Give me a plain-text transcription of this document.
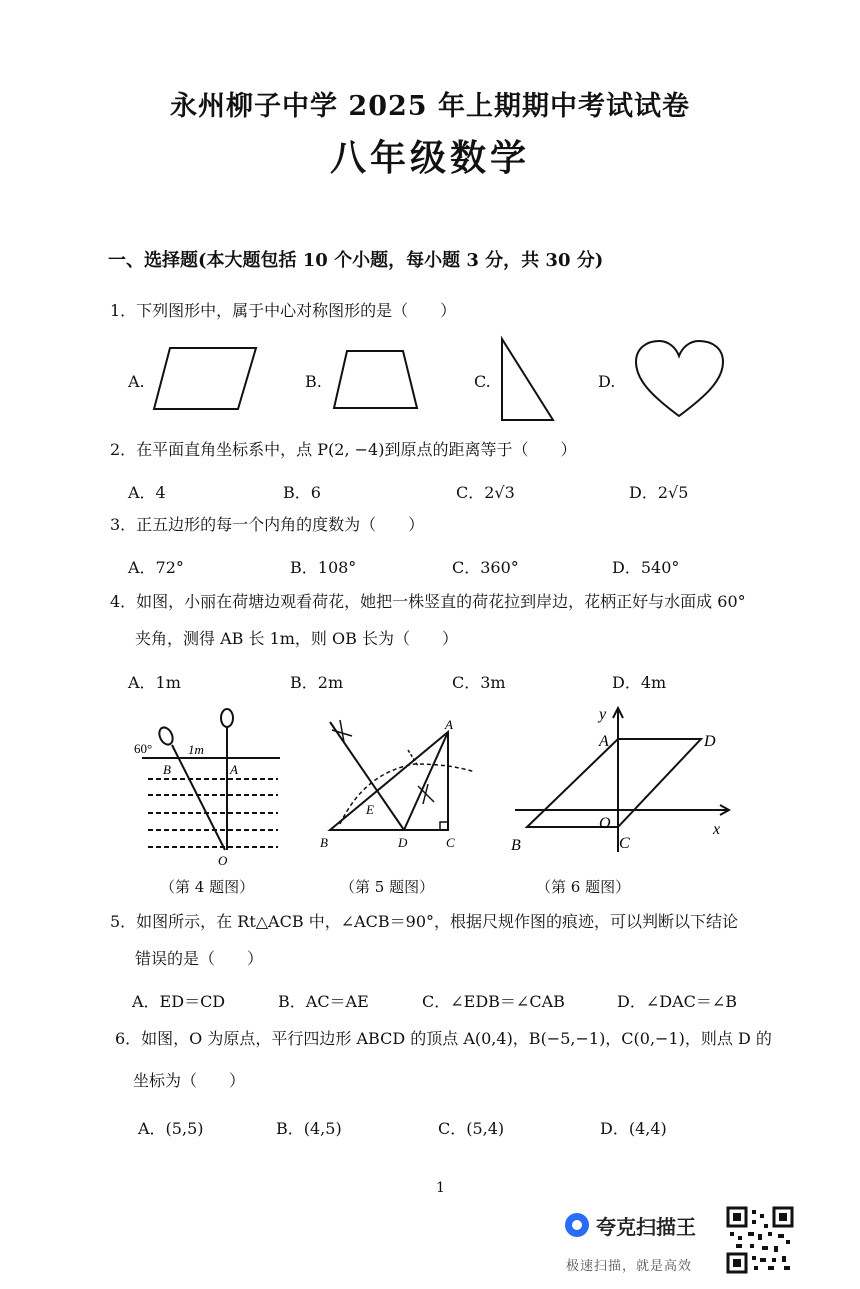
永州柳子中学 2025 年上期期中考试试卷
八年级数学
一、选择题(本大题包括 10 个小题，每小题 3 分，共 30 分)
1．下列图形中，属于中心对称图形的是（　　）
A.	B.	C.	D.
2．在平面直角坐标系中，点 P(2, −4)到原点的距离等于（　　）
A．4	B．6	C．2√3	D．2√5
3．正五边形的每一个内角的度数为（　　）
A．72°	B．108°	C．360°	D．540°
4．如图，小丽在荷塘边观看荷花，她把一株竖直的荷花拉到岸边，花柄正好与水面成 60°
夹角，测得 AB 长 1m，则 OB 长为（　　）
A．1m	B．2m	C．3m	D．4m
60°	1m
B	A
O
（第 4 题图）
A
B	C
D
E
（第 5 题图）
y
x
A	D
B	C
O
（第 6 题图）
5．如图所示，在 Rt△ACB 中，∠ACB＝90°，根据尺规作图的痕迹，可以判断以下结论
错误的是（　　）
A．ED＝CD	B．AC＝AE	C．∠EDB＝∠CAB	D．∠DAC＝∠B
6．如图，O 为原点，平行四边形 ABCD 的顶点 A(0,4)，B(−5,−1)，C(0,−1)，则点 D 的
坐标为（　　）
A．(5,5)	B．(4,5)	C．(5,4)	D．(4,4)
1
夸克扫描王
极速扫描，就是高效
